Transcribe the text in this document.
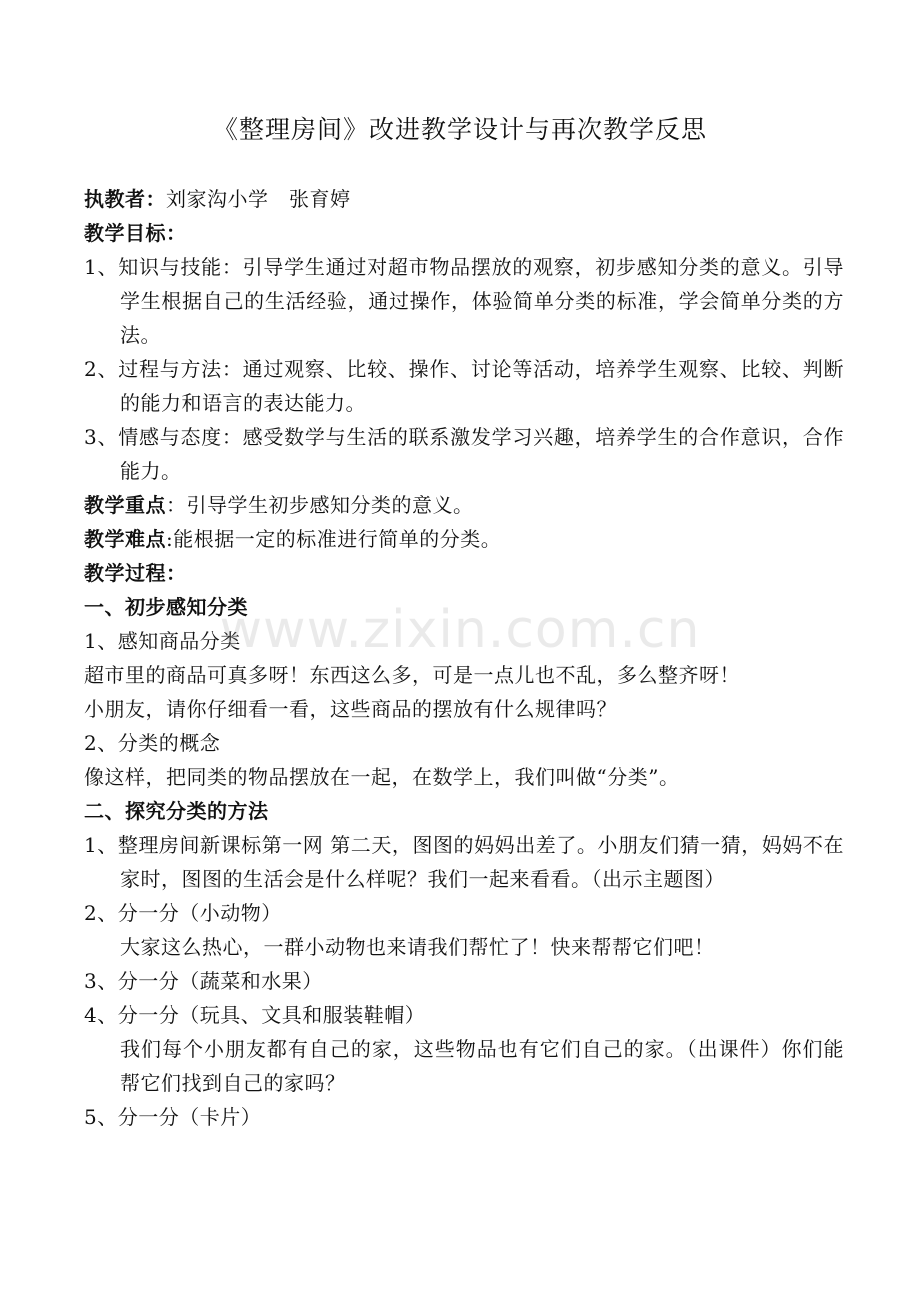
《整理房间》改进教学设计与再次教学反思

执教者：刘家沟小学　张育婷

教学目标：

1、知识与技能：引导学生通过对超市物品摆放的观察，初步感知分类的意义。引导学生根据自己的生活经验，通过操作，体验简单分类的标准，学会简单分类的方法。

2、过程与方法：通过观察、比较、操作、讨论等活动，培养学生观察、比较、判断的能力和语言的表达能力。

3、情感与态度：感受数学与生活的联系激发学习兴趣，培养学生的合作意识，合作能力。

教学重点：引导学生初步感知分类的意义。

教学难点:能根据一定的标准进行简单的分类。

教学过程：

一、初步感知分类

1、感知商品分类

超市里的商品可真多呀！东西这么多，可是一点儿也不乱，多么整齐呀！

小朋友，请你仔细看一看，这些商品的摆放有什么规律吗？

2、分类的概念

像这样，把同类的物品摆放在一起，在数学上，我们叫做“分类”。

二、探究分类的方法

1、整理房间新课标第一网 第二天，图图的妈妈出差了。小朋友们猜一猜，妈妈不在家时，图图的生活会是什么样呢？我们一起来看看。（出示主题图）

2、分一分（小动物）

大家这么热心，一群小动物也来请我们帮忙了！快来帮帮它们吧！

3、分一分（蔬菜和水果）

4、分一分（玩具、文具和服装鞋帽）

我们每个小朋友都有自己的家，这些物品也有它们自己的家。（出课件）你们能帮它们找到自己的家吗？

5、分一分（卡片）

www.zixin.com.cn
